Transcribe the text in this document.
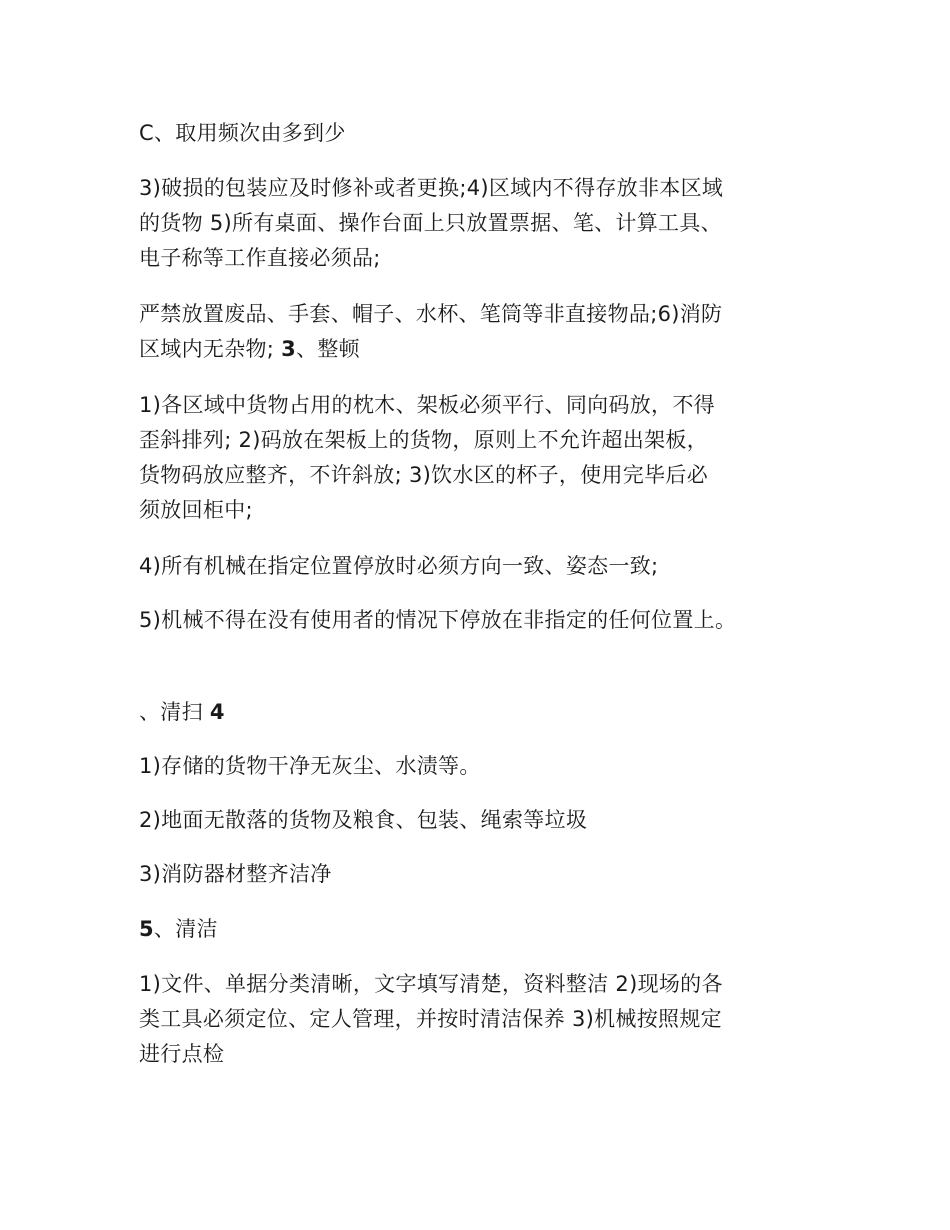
C、取用频次由多到少

3)破损的包装应及时修补或者更换;4)区域内不得存放非本区域
的货物 5)所有桌面、操作台面上只放置票据、笔、计算工具、
电子称等工作直接必须品;

严禁放置废品、手套、帽子、水杯、笔筒等非直接物品;6)消防
区域内无杂物; 3、整顿

1)各区域中货物占用的枕木、架板必须平行、同向码放，不得
歪斜排列; 2)码放在架板上的货物，原则上不允许超出架板，
货物码放应整齐，不许斜放; 3)饮水区的杯子，使用完毕后必
须放回柜中;

4)所有机械在指定位置停放时必须方向一致、姿态一致;

5)机械不得在没有使用者的情况下停放在非指定的任何位置上。

、清扫 4

1)存储的货物干净无灰尘、水渍等。

2)地面无散落的货物及粮食、包装、绳索等垃圾

3)消防器材整齐洁净

5、清洁

1)文件、单据分类清晰，文字填写清楚，资料整洁 2)现场的各
类工具必须定位、定人管理，并按时清洁保养 3)机械按照规定
进行点检
